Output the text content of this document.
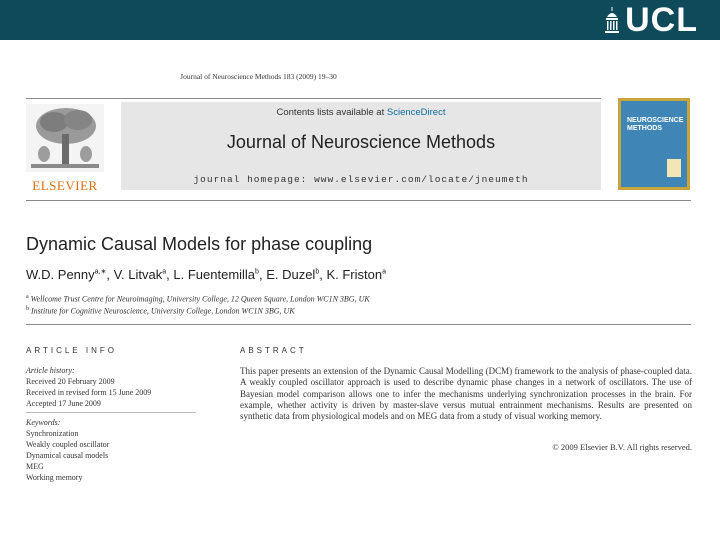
UCL
Journal of Neuroscience Methods 183 (2009) 19–30
ELSEVIER
Contents lists available at ScienceDirect
Journal of Neuroscience Methods
journal homepage: www.elsevier.com/locate/jneumeth
NEUROSCIENCE
METHODS
Dynamic Causal Models for phase coupling
W.D. Penny$^{a,∗}$, V. Litvak$^a$, L. Fuentemilla$^b$, E. Duzel$^b$, K. Friston$^a$
$^a$ Wellcome Trust Centre for Neuroimaging, University College, 12 Queen Square, London WC1N 3BG, UK
$^b$ Institute for Cognitive Neuroscience, University College, London WC1N 3BG, UK
ARTICLE INFO	ABSTRACT
Article history:
Received 20 February 2009
Received in revised form 15 June 2009
Accepted 17 June 2009
Keywords:
Synchronization
Weakly coupled oscillator
Dynamical causal models
MEG
Working memory
This paper presents an extension of the Dynamic Causal Modelling (DCM) framework to the analysis of phase-coupled data. A weakly coupled oscillator approach is used to describe dynamic phase changes in a network of oscillators. The use of Bayesian model comparison allows one to infer the mechanisms underlying synchronization processes in the brain. For example, whether activity is driven by master-slave versus mutual entrainment mechanisms. Results are presented on synthetic data from physiological models and on MEG data from a study of visual working memory.
© 2009 Elsevier B.V. All rights reserved.
